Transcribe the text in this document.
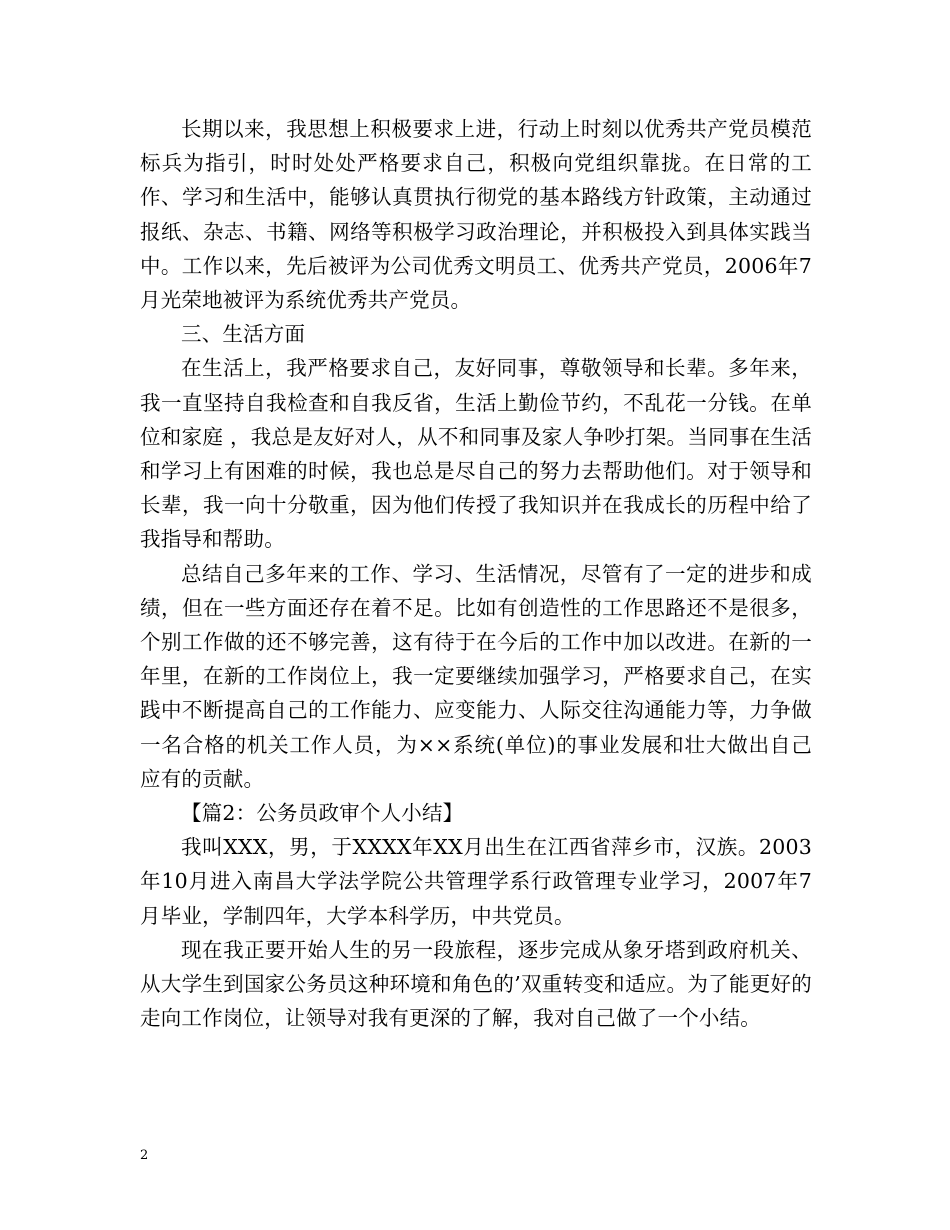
长期以来，我思想上积极要求上进，行动上时刻以优秀共产党员模范标兵为指引，时时处处严格要求自己，积极向党组织靠拢。在日常的工作、学习和生活中，能够认真贯执行彻党的基本路线方针政策，主动通过报纸、杂志、书籍、网络等积极学习政治理论，并积极投入到具体实践当中。工作以来，先后被评为公司优秀文明员工、优秀共产党员，2006年7月光荣地被评为系统优秀共产党员。

三、生活方面

在生活上，我严格要求自己，友好同事，尊敬领导和长辈。多年来，我一直坚持自我检查和自我反省，生活上勤俭节约，不乱花一分钱。在单位和家庭 ，我总是友好对人，从不和同事及家人争吵打架。当同事在生活和学习上有困难的时候，我也总是尽自己的努力去帮助他们。对于领导和长辈，我一向十分敬重，因为他们传授了我知识并在我成长的历程中给了我指导和帮助。

总结自己多年来的工作、学习、生活情况，尽管有了一定的进步和成绩，但在一些方面还存在着不足。比如有创造性的工作思路还不是很多，个别工作做的还不够完善，这有待于在今后的工作中加以改进。在新的一年里，在新的工作岗位上，我一定要继续加强学习，严格要求自己，在实践中不断提高自己的工作能力、应变能力、人际交往沟通能力等，力争做一名合格的机关工作人员，为××系统(单位)的事业发展和壮大做出自己应有的贡献。

【篇2：公务员政审个人小结】

我叫XXX，男，于XXXX年XX月出生在江西省萍乡市，汉族。2003年10月进入南昌大学法学院公共管理学系行政管理专业学习，2007年7月毕业，学制四年，大学本科学历，中共党员。

现在我正要开始人生的另一段旅程，逐步完成从象牙塔到政府机关、从大学生到国家公务员这种环境和角色的’双重转变和适应。为了能更好的走向工作岗位，让领导对我有更深的了解，我对自己做了一个小结。

2
